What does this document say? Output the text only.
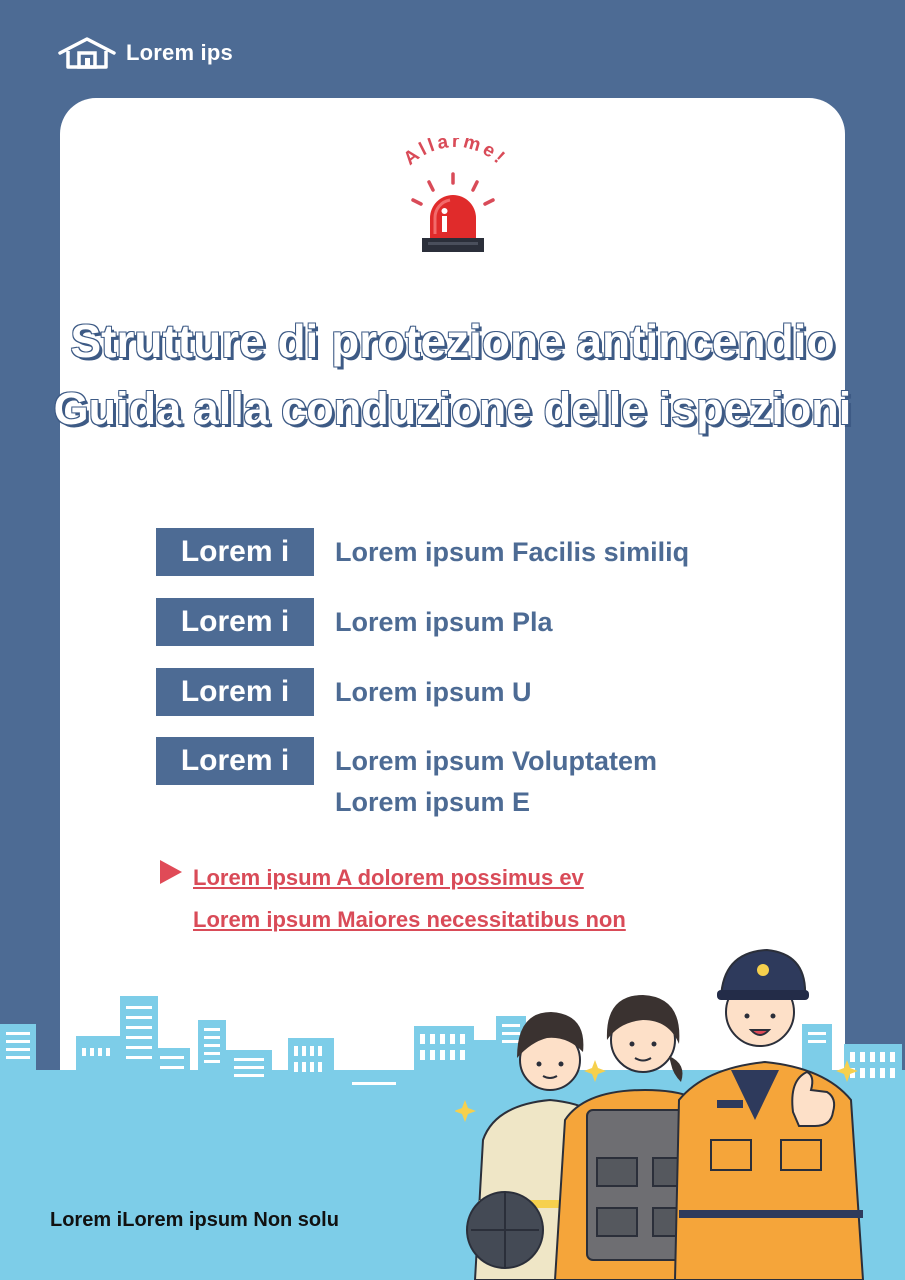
Lorem ips
Allarme!
Strutture di protezione antincendio
Guida alla conduzione delle ispezioni
Lorem i	Lorem ipsum Facilis similiq
Lorem i	Lorem ipsum Pla
Lorem i	Lorem ipsum U
Lorem i	Lorem ipsum Voluptatem
Lorem ipsum E
Lorem ipsum A dolorem possimus ev
Lorem ipsum Maiores necessitatibus non
Lorem iLorem ipsum Non solu
